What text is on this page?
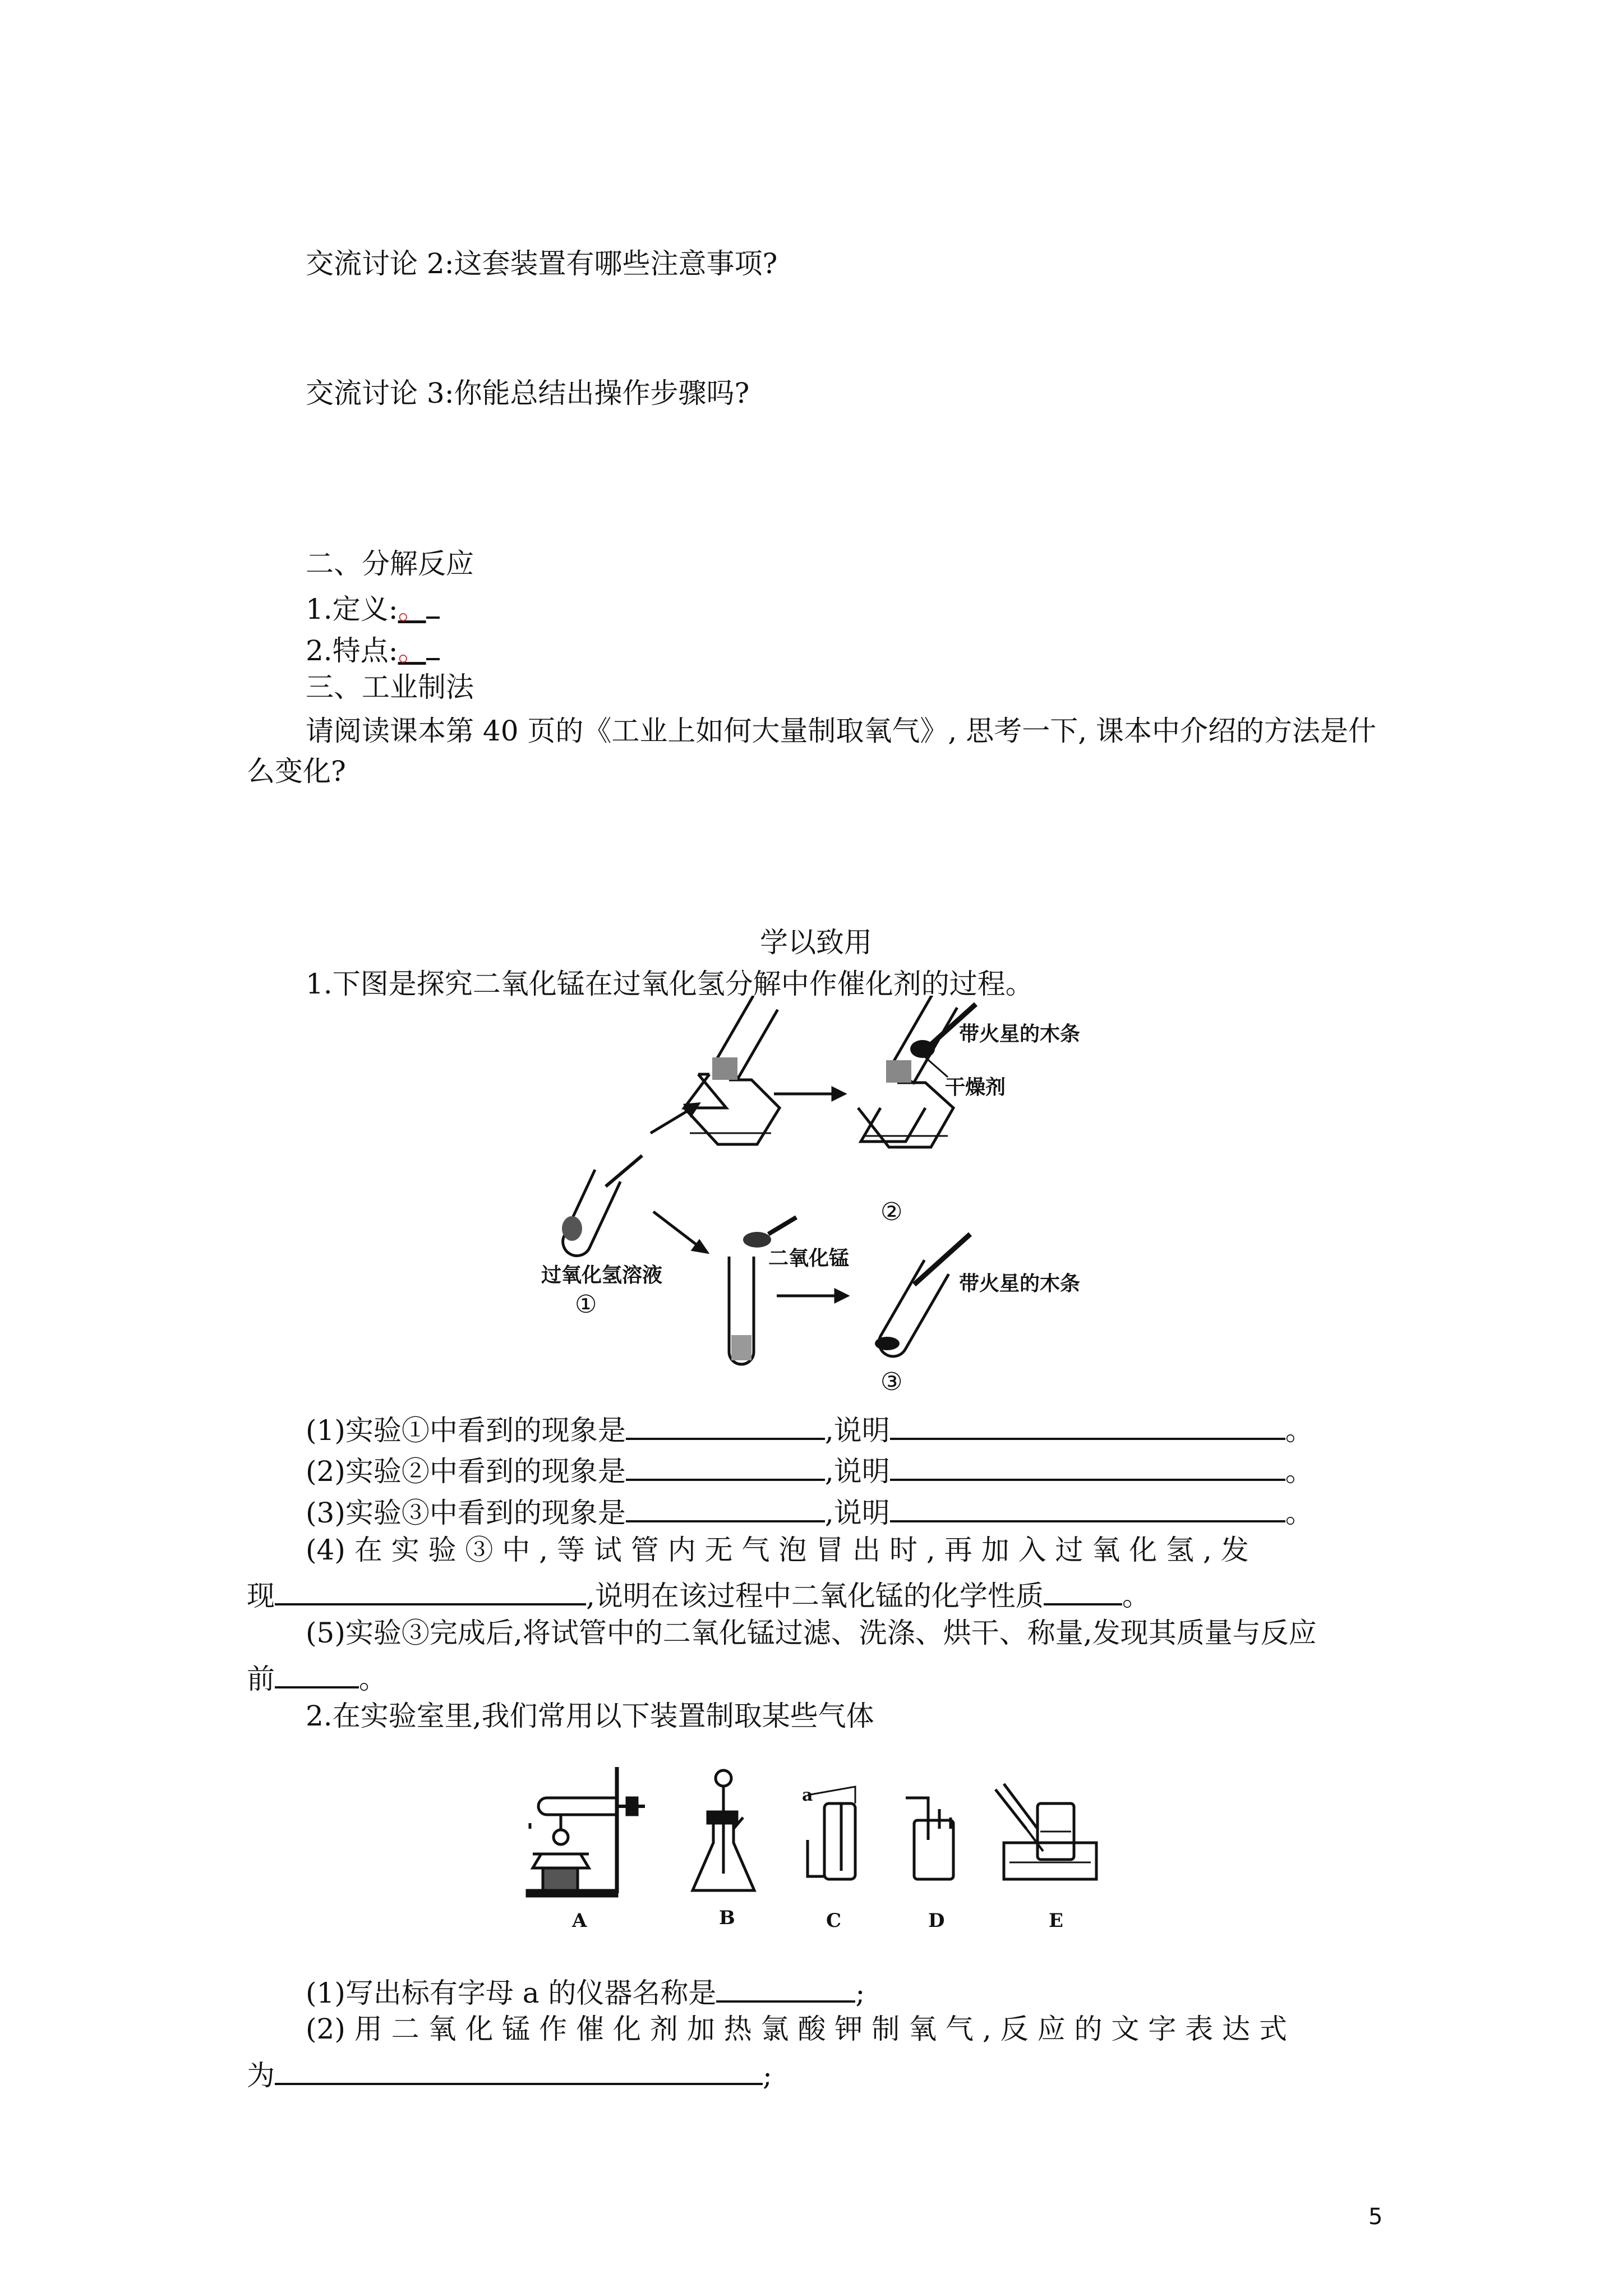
交流讨论 2:这套装置有哪些注意事项?
交流讨论 3:你能总结出操作步骤吗?
二、分解反应
1.定义:。
2.特点:。
三、工业制法
请阅读课本第 40 页的《工业上如何大量制取氧气》, 思考一下, 课本中介绍的方法是什
么变化?
学以致用
1.下图是探究二氧化锰在过氧化氢分解中作催化剂的过程。
带火星的木条
干燥剂
过氧化氢溶液
二氧化锰
带火星的木条
①
②
③
(1)实验①中看到的现象是	,说明	。
(2)实验②中看到的现象是	,说明	。
(3)实验③中看到的现象是	,说明	。
(4) 在 实 验 ③ 中 , 等 试 管 内 无 气 泡 冒 出 时 , 再 加 入 过 氧 化 氢 , 发
现	,说明在该过程中二氧化锰的化学性质	。
(5)实验③完成后,将试管中的二氧化锰过滤、洗涤、烘干、称量,发现其质量与反应
前	。
2.在实验室里,我们常用以下装置制取某些气体
A	B	C	D	E
a
(1)写出标有字母 a 的仪器名称是	;
(2) 用 二 氧 化 锰 作 催 化 剂 加 热 氯 酸 钾 制 氧 气 , 反 应 的 文 字 表 达 式
为	;
5
